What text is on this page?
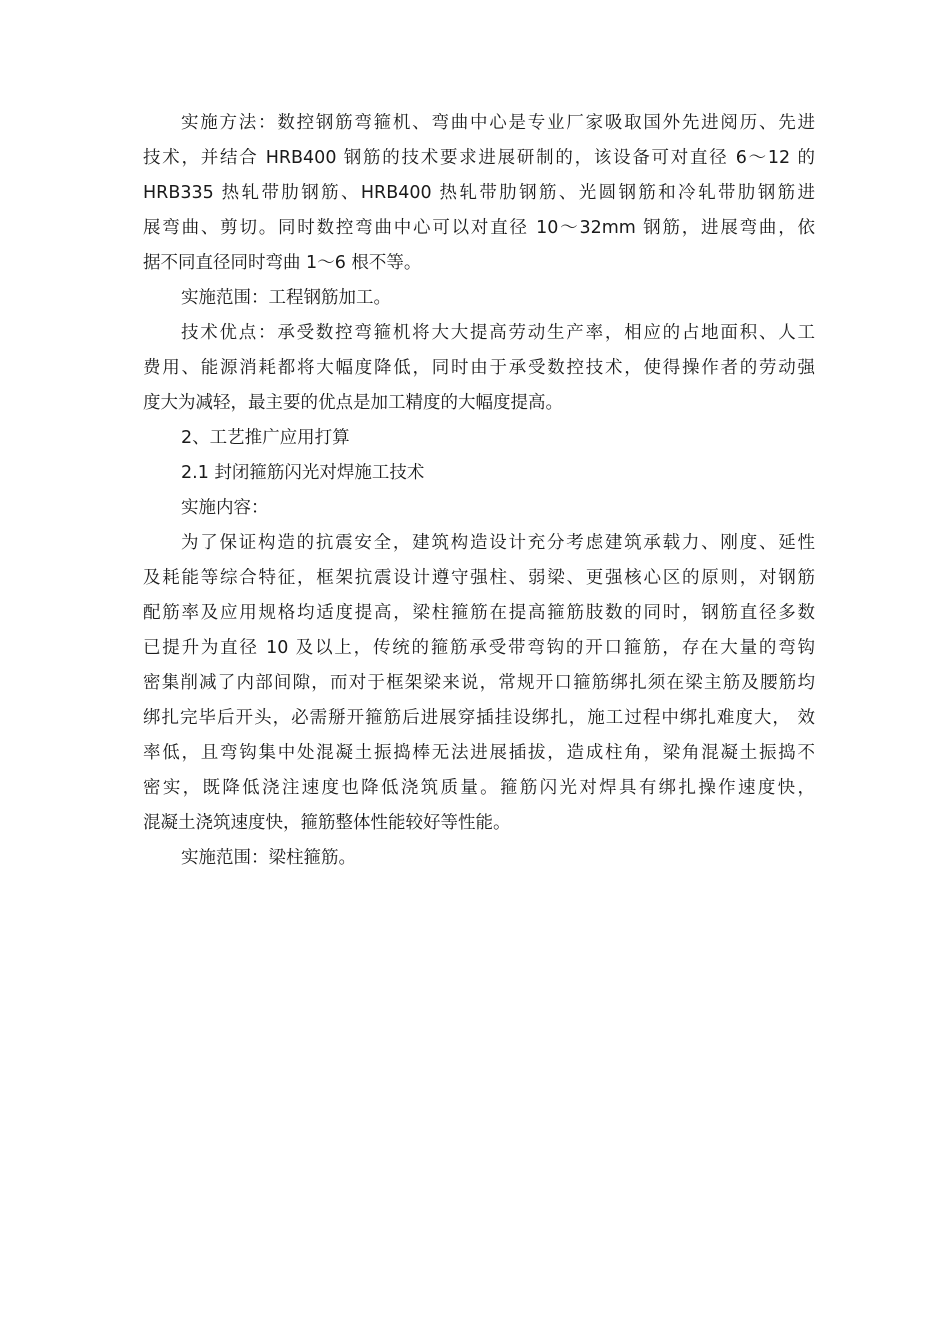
实施方法：数控钢筋弯箍机、弯曲中心是专业厂家吸取国外先进阅历、先进
技术，并结合 HRB400 钢筋的技术要求进展研制的，该设备可对直径 6～12 的
HRB335 热轧带肋钢筋、HRB400 热轧带肋钢筋、光圆钢筋和冷轧带肋钢筋进
展弯曲、剪切。同时数控弯曲中心可以对直径 10～32mm 钢筋，进展弯曲，依
据不同直径同时弯曲 1～6 根不等。

实施范围：工程钢筋加工。

技术优点：承受数控弯箍机将大大提高劳动生产率，相应的占地面积、人工
费用、能源消耗都将大幅度降低，同时由于承受数控技术，使得操作者的劳动强
度大为减轻，最主要的优点是加工精度的大幅度提高。

2、工艺推广应用打算

2.1 封闭箍筋闪光对焊施工技术

实施内容：

为了保证构造的抗震安全，建筑构造设计充分考虑建筑承载力、刚度、延性
及耗能等综合特征，框架抗震设计遵守强柱、弱梁、更强核心区的原则，对钢筋
配筋率及应用规格均适度提高，梁柱箍筋在提高箍筋肢数的同时，钢筋直径多数
已提升为直径 10 及以上，传统的箍筋承受带弯钩的开口箍筋，存在大量的弯钩
密集削减了内部间隙，而对于框架梁来说，常规开口箍筋绑扎须在梁主筋及腰筋均
绑扎完毕后开头，必需掰开箍筋后进展穿插挂设绑扎，施工过程中绑扎难度大， 效
率低，且弯钩集中处混凝土振捣棒无法进展插拔，造成柱角，梁角混凝土振捣不
密实，既降低浇注速度也降低浇筑质量。箍筋闪光对焊具有绑扎操作速度快，
混凝土浇筑速度快，箍筋整体性能较好等性能。

实施范围：梁柱箍筋。
